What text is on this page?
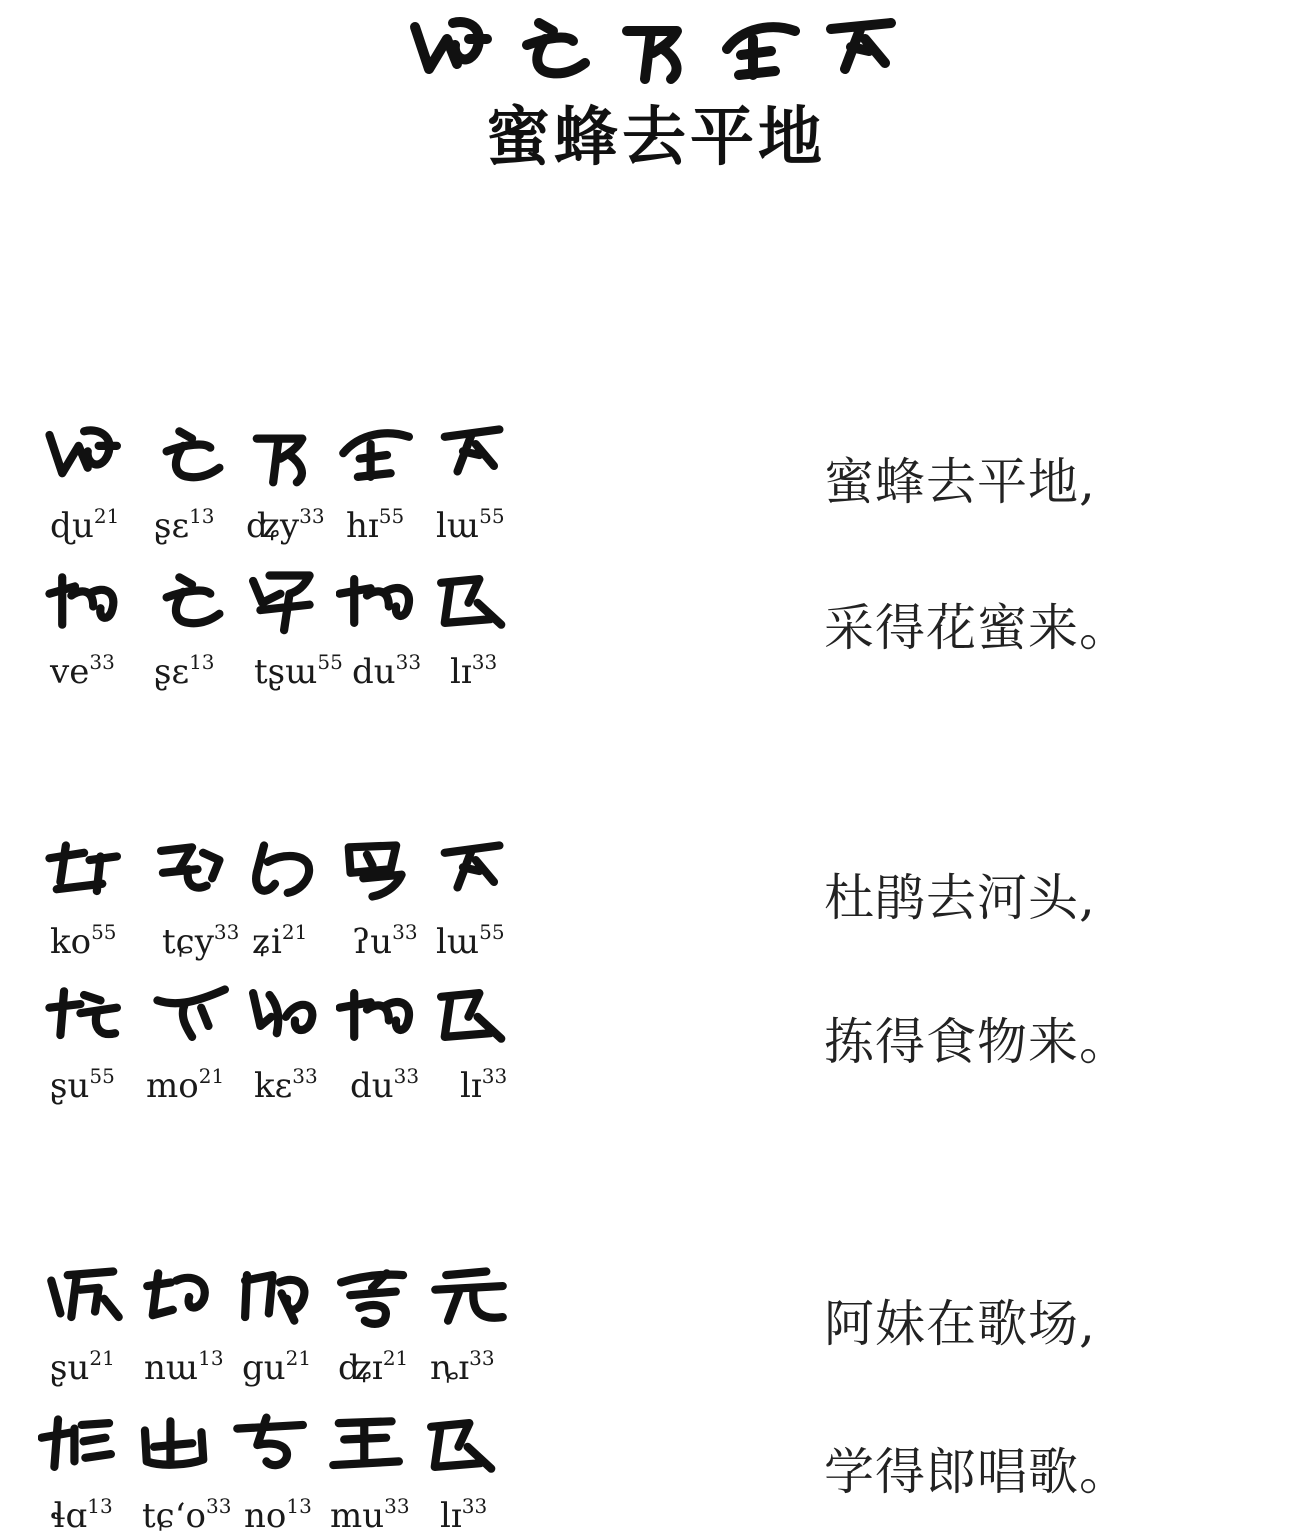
蜜蜂去平地
ɖu$^{21}$ ʂɛ$^{13}$ ʥy$^{33}$ hɪ$^{55}$ lɯ$^{55}$
蜜蜂去平地,
$ve^{33}$ ʂɛ$^{13}$ tʂɯ$^{55}$ $du^{33}$ lɪ$^{33}$
采得花蜜来。
$ko^{55}$ tɕy$^{33}$ ʑi$^{21}$ ʔu$^{33}$ lɯ$^{55}$
杜鹃去河头,
ʂu$^{55}$ $mo^{21}$ kɛ$^{33}$ $du^{33}$ lɪ$^{33}$
拣得食物来。
ʂu$^{21}$ nɯ$^{13}$ $gu^{21}$ ʥɪ$^{21}$ ȵɪ$^{33}$
阿妹在歌场,
ɬɑ$^{13}$ tɕʻo$^{33}$ $no^{13}$ $mu^{33}$ lɪ$^{33}$
学得郎唱歌。
